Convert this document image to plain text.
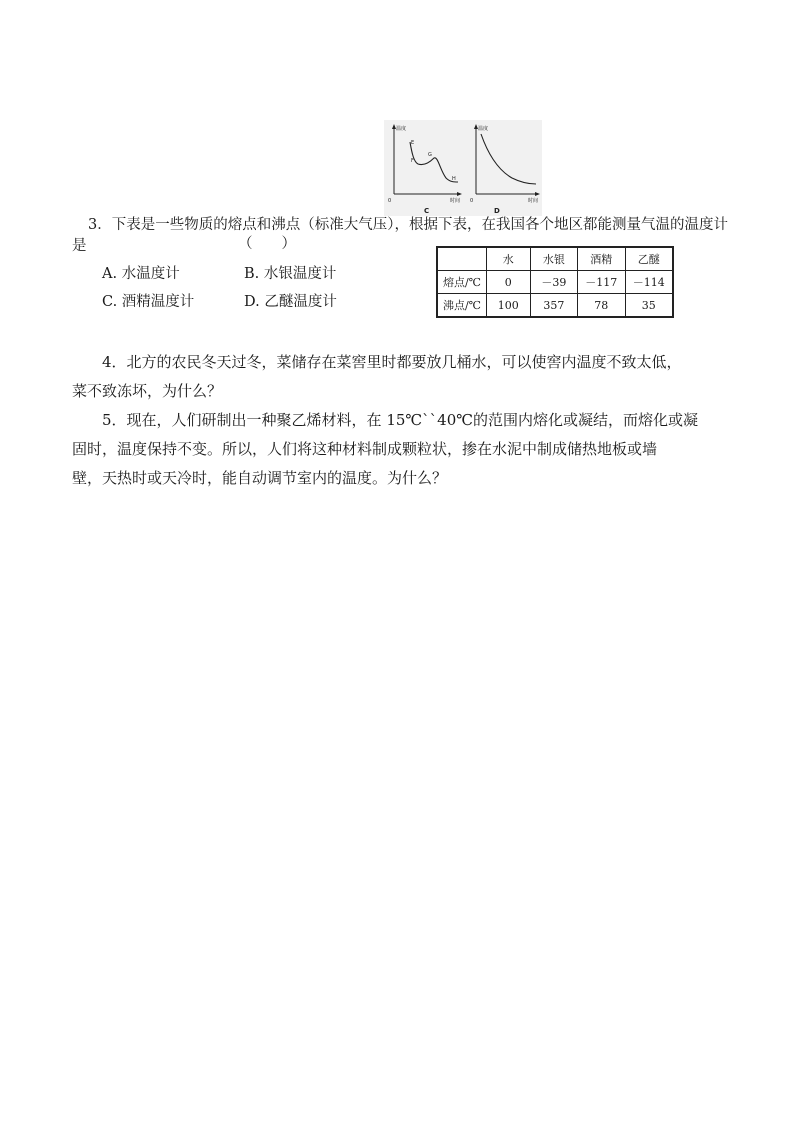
温度
时间
0
E
F
G
H
C
温度
时间
0
D
3．下表是一些物质的熔点和沸点（标准大气压），根据下表，在我国各个地区都能测量气温的温度计
是	（　　）
A. 水温度计	B. 水银温度计
C. 酒精温度计	D. 乙醚温度计
	水	水银	酒精	乙醚
熔点/℃	0	－39	－117	－114
沸点/℃	100	357	78	35
4．北方的农民冬天过冬，菜储存在菜窖里时都要放几桶水，可以使窖内温度不致太低，
菜不致冻坏，为什么？
5．现在，人们研制出一种聚乙烯材料，在 15℃``40℃的范围内熔化或凝结，而熔化或凝
固时，温度保持不变。所以，人们将这种材料制成颗粒状，掺在水泥中制成储热地板或墙
壁，天热时或天冷时，能自动调节室内的温度。为什么？
